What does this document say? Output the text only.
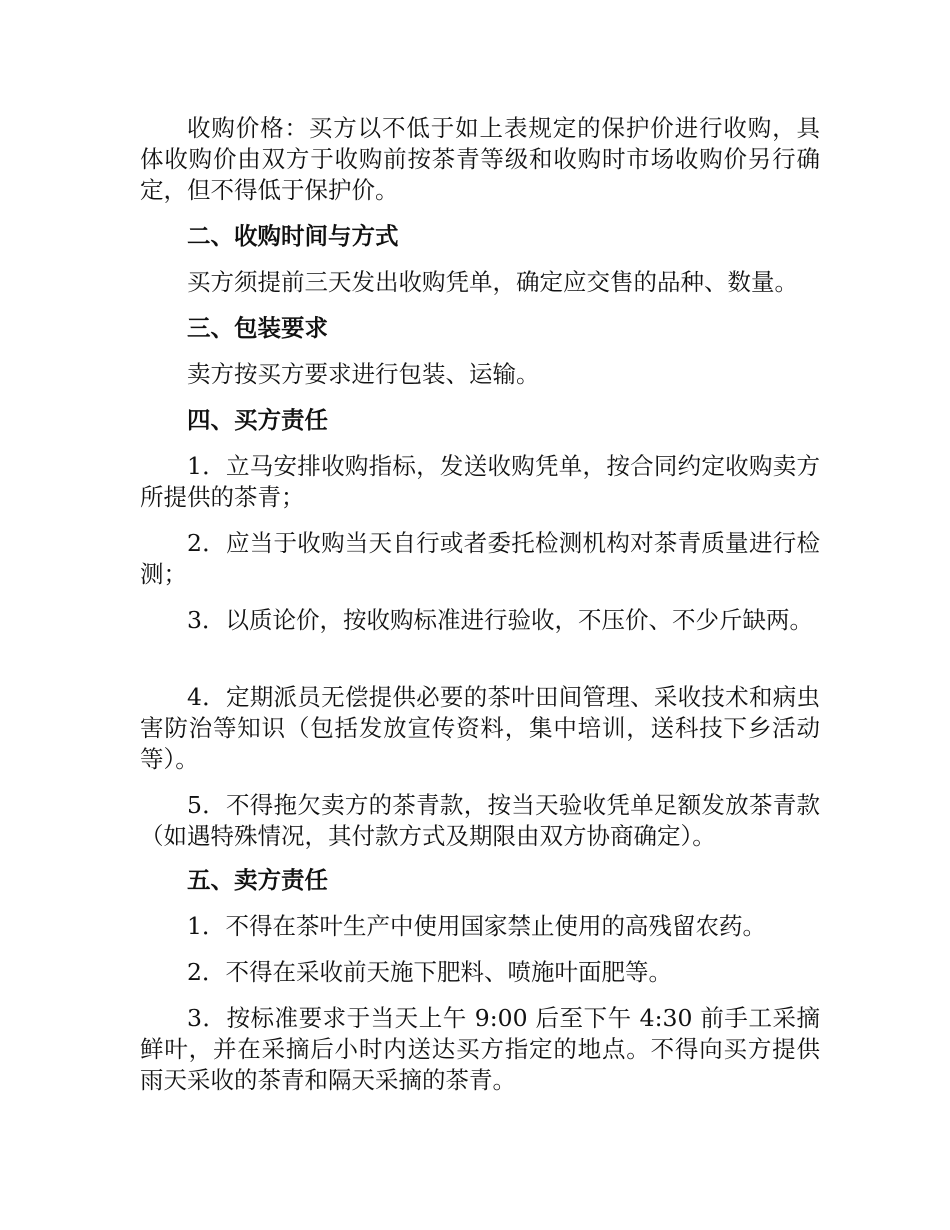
收购价格：买方以不低于如上表规定的保护价进行收购，具体收购价由双方于收购前按茶青等级和收购时市场收购价另行确定，但不得低于保护价。

二、收购时间与方式

买方须提前三天发出收购凭单，确定应交售的品种、数量。

三、包装要求

卖方按买方要求进行包装、运输。

四、买方责任

1．立马安排收购指标，发送收购凭单，按合同约定收购卖方所提供的茶青；

2．应当于收购当天自行或者委托检测机构对茶青质量进行检测；

3．以质论价，按收购标准进行验收，不压价、不少斤缺两。

4．定期派员无偿提供必要的茶叶田间管理、采收技术和病虫害防治等知识（包括发放宣传资料，集中培训，送科技下乡活动等）。

5．不得拖欠卖方的茶青款，按当天验收凭单足额发放茶青款（如遇特殊情况，其付款方式及期限由双方协商确定）。

五、卖方责任

1．不得在茶叶生产中使用国家禁止使用的高残留农药。

2．不得在采收前天施下肥料、喷施叶面肥等。

3．按标准要求于当天上午 9:00 后至下午 4:30 前手工采摘鲜叶，并在采摘后小时内送达买方指定的地点。不得向买方提供雨天采收的茶青和隔天采摘的茶青。
